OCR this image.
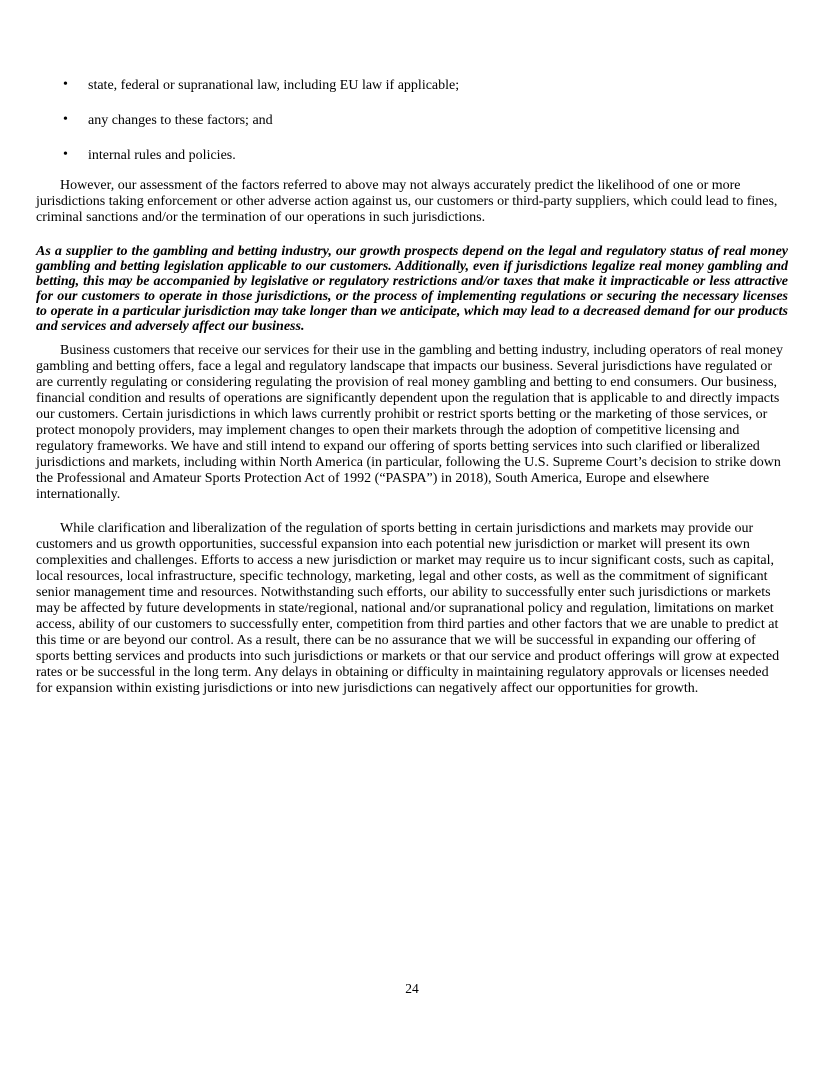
• state, federal or supranational law, including EU law if applicable;
• any changes to these factors; and
• internal rules and policies.

However, our assessment of the factors referred to above may not always accurately predict the likelihood of one or more jurisdictions taking enforcement or other adverse action against us, our customers or third-party suppliers, which could lead to fines, criminal sanctions and/or the termination of our operations in such jurisdictions.

As a supplier to the gambling and betting industry, our growth prospects depend on the legal and regulatory status of real money gambling and betting legislation applicable to our customers. Additionally, even if jurisdictions legalize real money gambling and betting, this may be accompanied by legislative or regulatory restrictions and/or taxes that make it impracticable or less attractive for our customers to operate in those jurisdictions, or the process of implementing regulations or securing the necessary licenses to operate in a particular jurisdiction may take longer than we anticipate, which may lead to a decreased demand for our products and services and adversely affect our business.

Business customers that receive our services for their use in the gambling and betting industry, including operators of real money gambling and betting offers, face a legal and regulatory landscape that impacts our business. Several jurisdictions have regulated or are currently regulating or considering regulating the provision of real money gambling and betting to end consumers. Our business, financial condition and results of operations are significantly dependent upon the regulation that is applicable to and directly impacts our customers. Certain jurisdictions in which laws currently prohibit or restrict sports betting or the marketing of those services, or protect monopoly providers, may implement changes to open their markets through the adoption of competitive licensing and regulatory frameworks. We have and still intend to expand our offering of sports betting services into such clarified or liberalized jurisdictions and markets, including within North America (in particular, following the U.S. Supreme Court’s decision to strike down the Professional and Amateur Sports Protection Act of 1992 (“PASPA”) in 2018), South America, Europe and elsewhere internationally.

While clarification and liberalization of the regulation of sports betting in certain jurisdictions and markets may provide our customers and us growth opportunities, successful expansion into each potential new jurisdiction or market will present its own complexities and challenges. Efforts to access a new jurisdiction or market may require us to incur significant costs, such as capital, local resources, local infrastructure, specific technology, marketing, legal and other costs, as well as the commitment of significant senior management time and resources. Notwithstanding such efforts, our ability to successfully enter such jurisdictions or markets may be affected by future developments in state/regional, national and/or supranational policy and regulation, limitations on market access, ability of our customers to successfully enter, competition from third parties and other factors that we are unable to predict at this time or are beyond our control. As a result, there can be no assurance that we will be successful in expanding our offering of sports betting services and products into such jurisdictions or markets or that our service and product offerings will grow at expected rates or be successful in the long term. Any delays in obtaining or difficulty in maintaining regulatory approvals or licenses needed for expansion within existing jurisdictions or into new jurisdictions can negatively affect our opportunities for growth.

24
